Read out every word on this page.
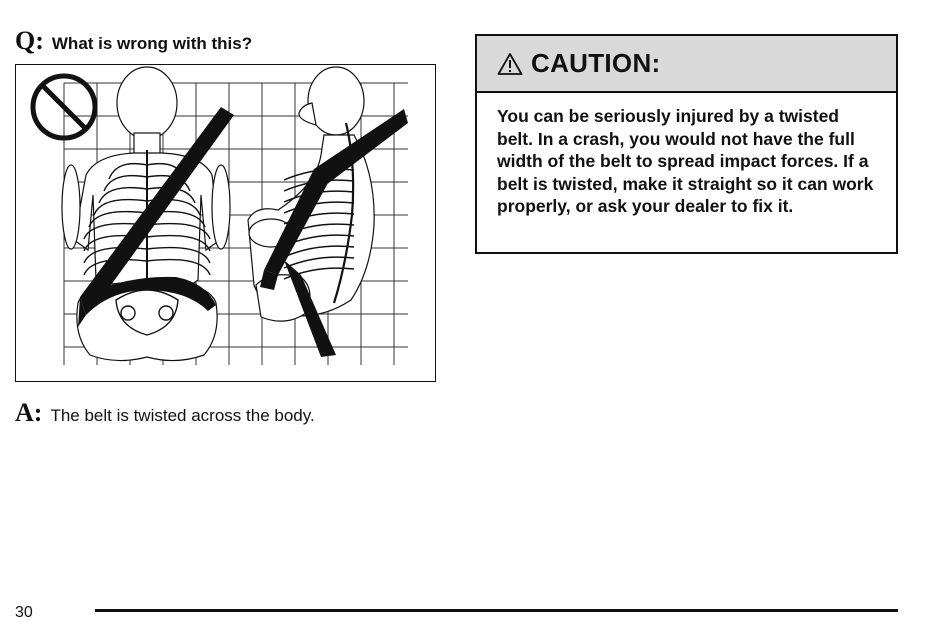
Q: What is wrong with this?
A: The belt is twisted across the body.
CAUTION:
You can be seriously injured by a twisted belt. In a crash, you would not have the full width of the belt to spread impact forces. If a belt is twisted, make it straight so it can work properly, or ask your dealer to fix it.
30
